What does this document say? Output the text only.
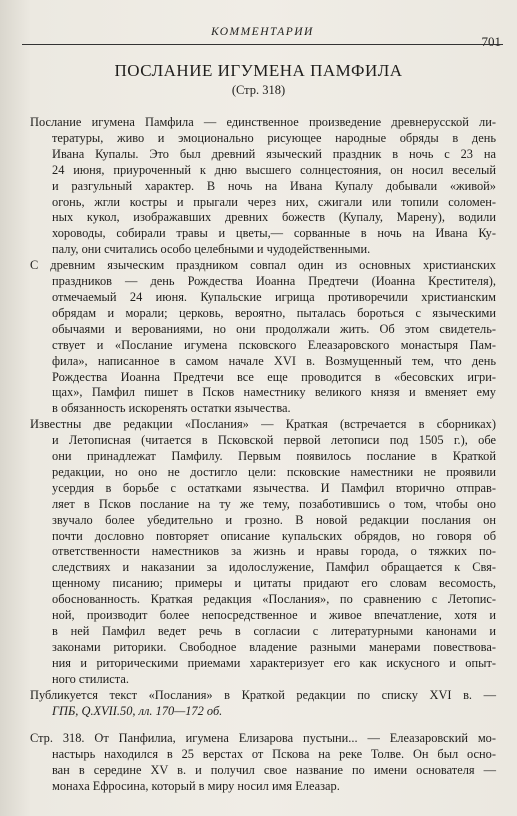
КОММЕНТАРИИ
701
ПОСЛАНИЕ ИГУМЕНА ПАМФИЛА
(Стр. 318)
Послание игумена Памфила — единственное произведение древнерусской ли-
тературы, живо и эмоционально рисующее народные обряды в день
Ивана Купалы. Это был древний языческий праздник в ночь с 23 на
24 июня, приуроченный к дню высшего солнцестояния, он носил веселый
и разгульный характер. В ночь на Ивана Купалу добывали «живой»
огонь, жгли костры и прыгали через них, сжигали или топили соломен-
ных кукол, изображавших древних божеств (Купалу, Марену), водили
хороводы, собирали травы и цветы,— сорванные в ночь на Ивана Ку-
палу, они считались особо целебными и чудодейственными.
С древним языческим праздником совпал один из основных христианских
праздников — день Рождества Иоанна Предтечи (Иоанна Крестителя),
отмечаемый 24 июня. Купальские игрища противоречили христианским
обрядам и морали; церковь, вероятно, пыталась бороться с языческими
обычаями и верованиями, но они продолжали жить. Об этом свидетель-
ствует и «Послание игумена псковского Елеазаровского монастыря Пам-
фила», написанное в самом начале XVI в. Возмущенный тем, что день
Рождества Иоанна Предтечи все еще проводится в «бесовских игри-
щах», Памфил пишет в Псков наместнику великого князя и вменяет ему
в обязанность искоренять остатки язычества.
Известны две редакции «Послания» — Краткая (встречается в сборниках)
и Летописная (читается в Псковской первой летописи под 1505 г.), обе
они принадлежат Памфилу. Первым появилось послание в Краткой
редакции, но оно не достигло цели: псковские наместники не проявили
усердия в борьбе с остатками язычества. И Памфил вторично отправ-
ляет в Псков послание на ту же тему, позаботившись о том, чтобы оно
звучало более убедительно и грозно. В новой редакции послания он
почти дословно повторяет описание купальских обрядов, но говоря об
ответственности наместников за жизнь и нравы города, о тяжких по-
следствиях и наказании за идолослужение, Памфил обращается к Свя-
щенному писанию; примеры и цитаты придают его словам весомость,
обоснованность. Краткая редакция «Послания», по сравнению с Летопис-
ной, производит более непосредственное и живое впечатление, хотя и
в ней Памфил ведет речь в согласии с литературными канонами и
законами риторики. Свободное владение разными манерами повествова-
ния и риторическими приемами характеризует его как искусного и опыт-
ного стилиста.
Публикуется текст «Послания» в Краткой редакции по списку XVI в. —
ГПБ, Q.XVII.50, лл. 170—172 об.
Стр. 318. От Панфилиа, игумена Елизарова пустыни... — Елеазаровский мо-
настырь находился в 25 верстах от Пскова на реке Толве. Он был осно-
ван в середине XV в. и получил свое название по имени основателя —
монаха Ефросина, который в миру носил имя Елеазар.
